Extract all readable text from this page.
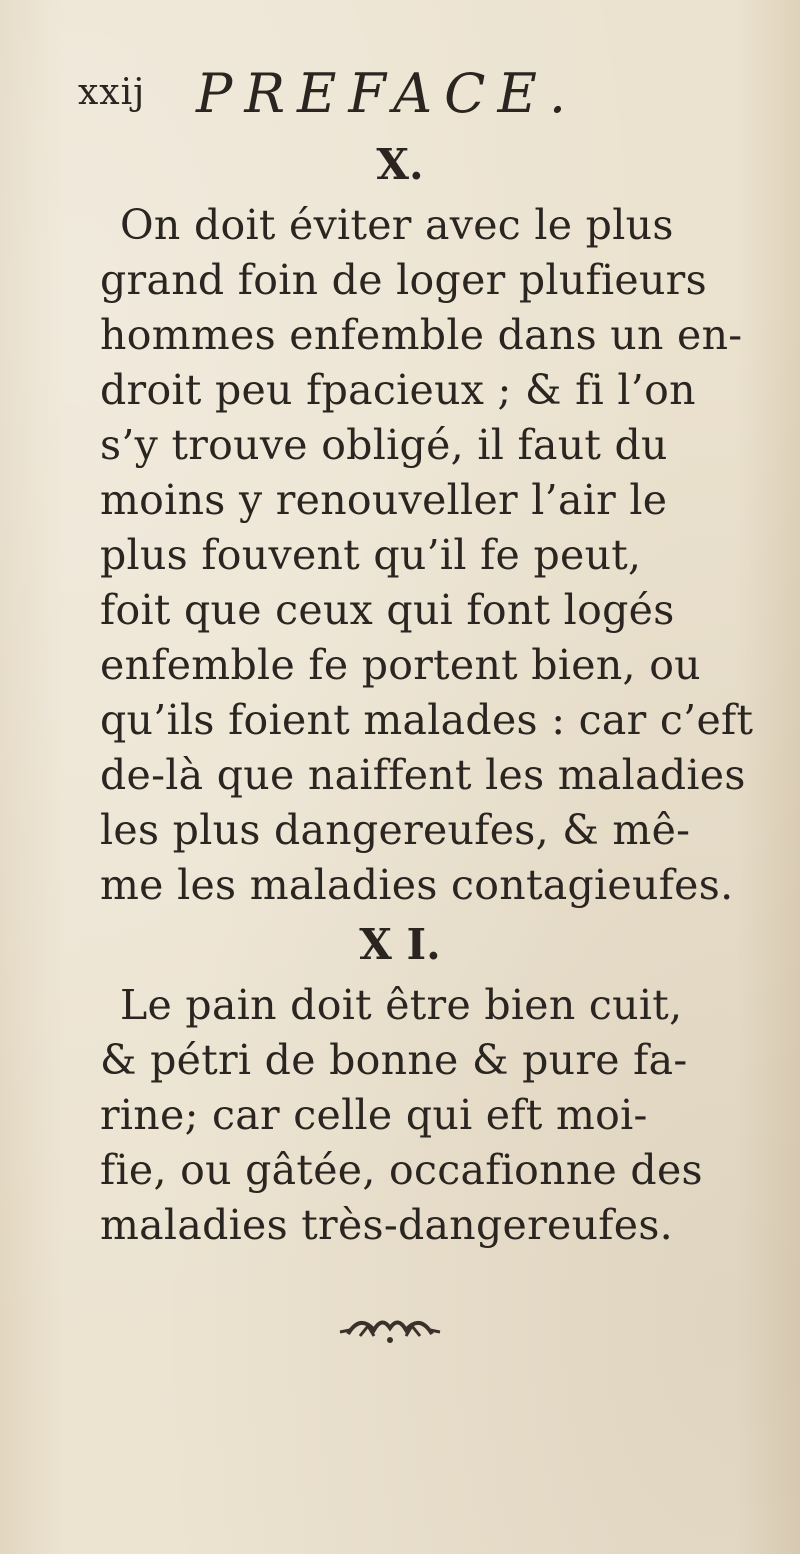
xxij PREFACE.
X.
On doit éviter avec le plus
grand foin de loger plufieurs
hommes enfemble dans un en-
droit peu fpacieux ; & fi l’on
s’y trouve obligé, il faut du
moins y renouveller l’air le
plus fouvent qu’il fe peut,
foit que ceux qui font logés
enfemble fe portent bien, ou
qu’ils foient malades : car c’eft
de-là que naiffent les maladies
les plus dangereufes, & mê-
me les maladies contagieufes.
X I.
Le pain doit être bien cuit,
& pétri de bonne & pure fa-
rine; car celle qui eft moi-
fie, ou gâtée, occafionne des
maladies très-dangereufes.
